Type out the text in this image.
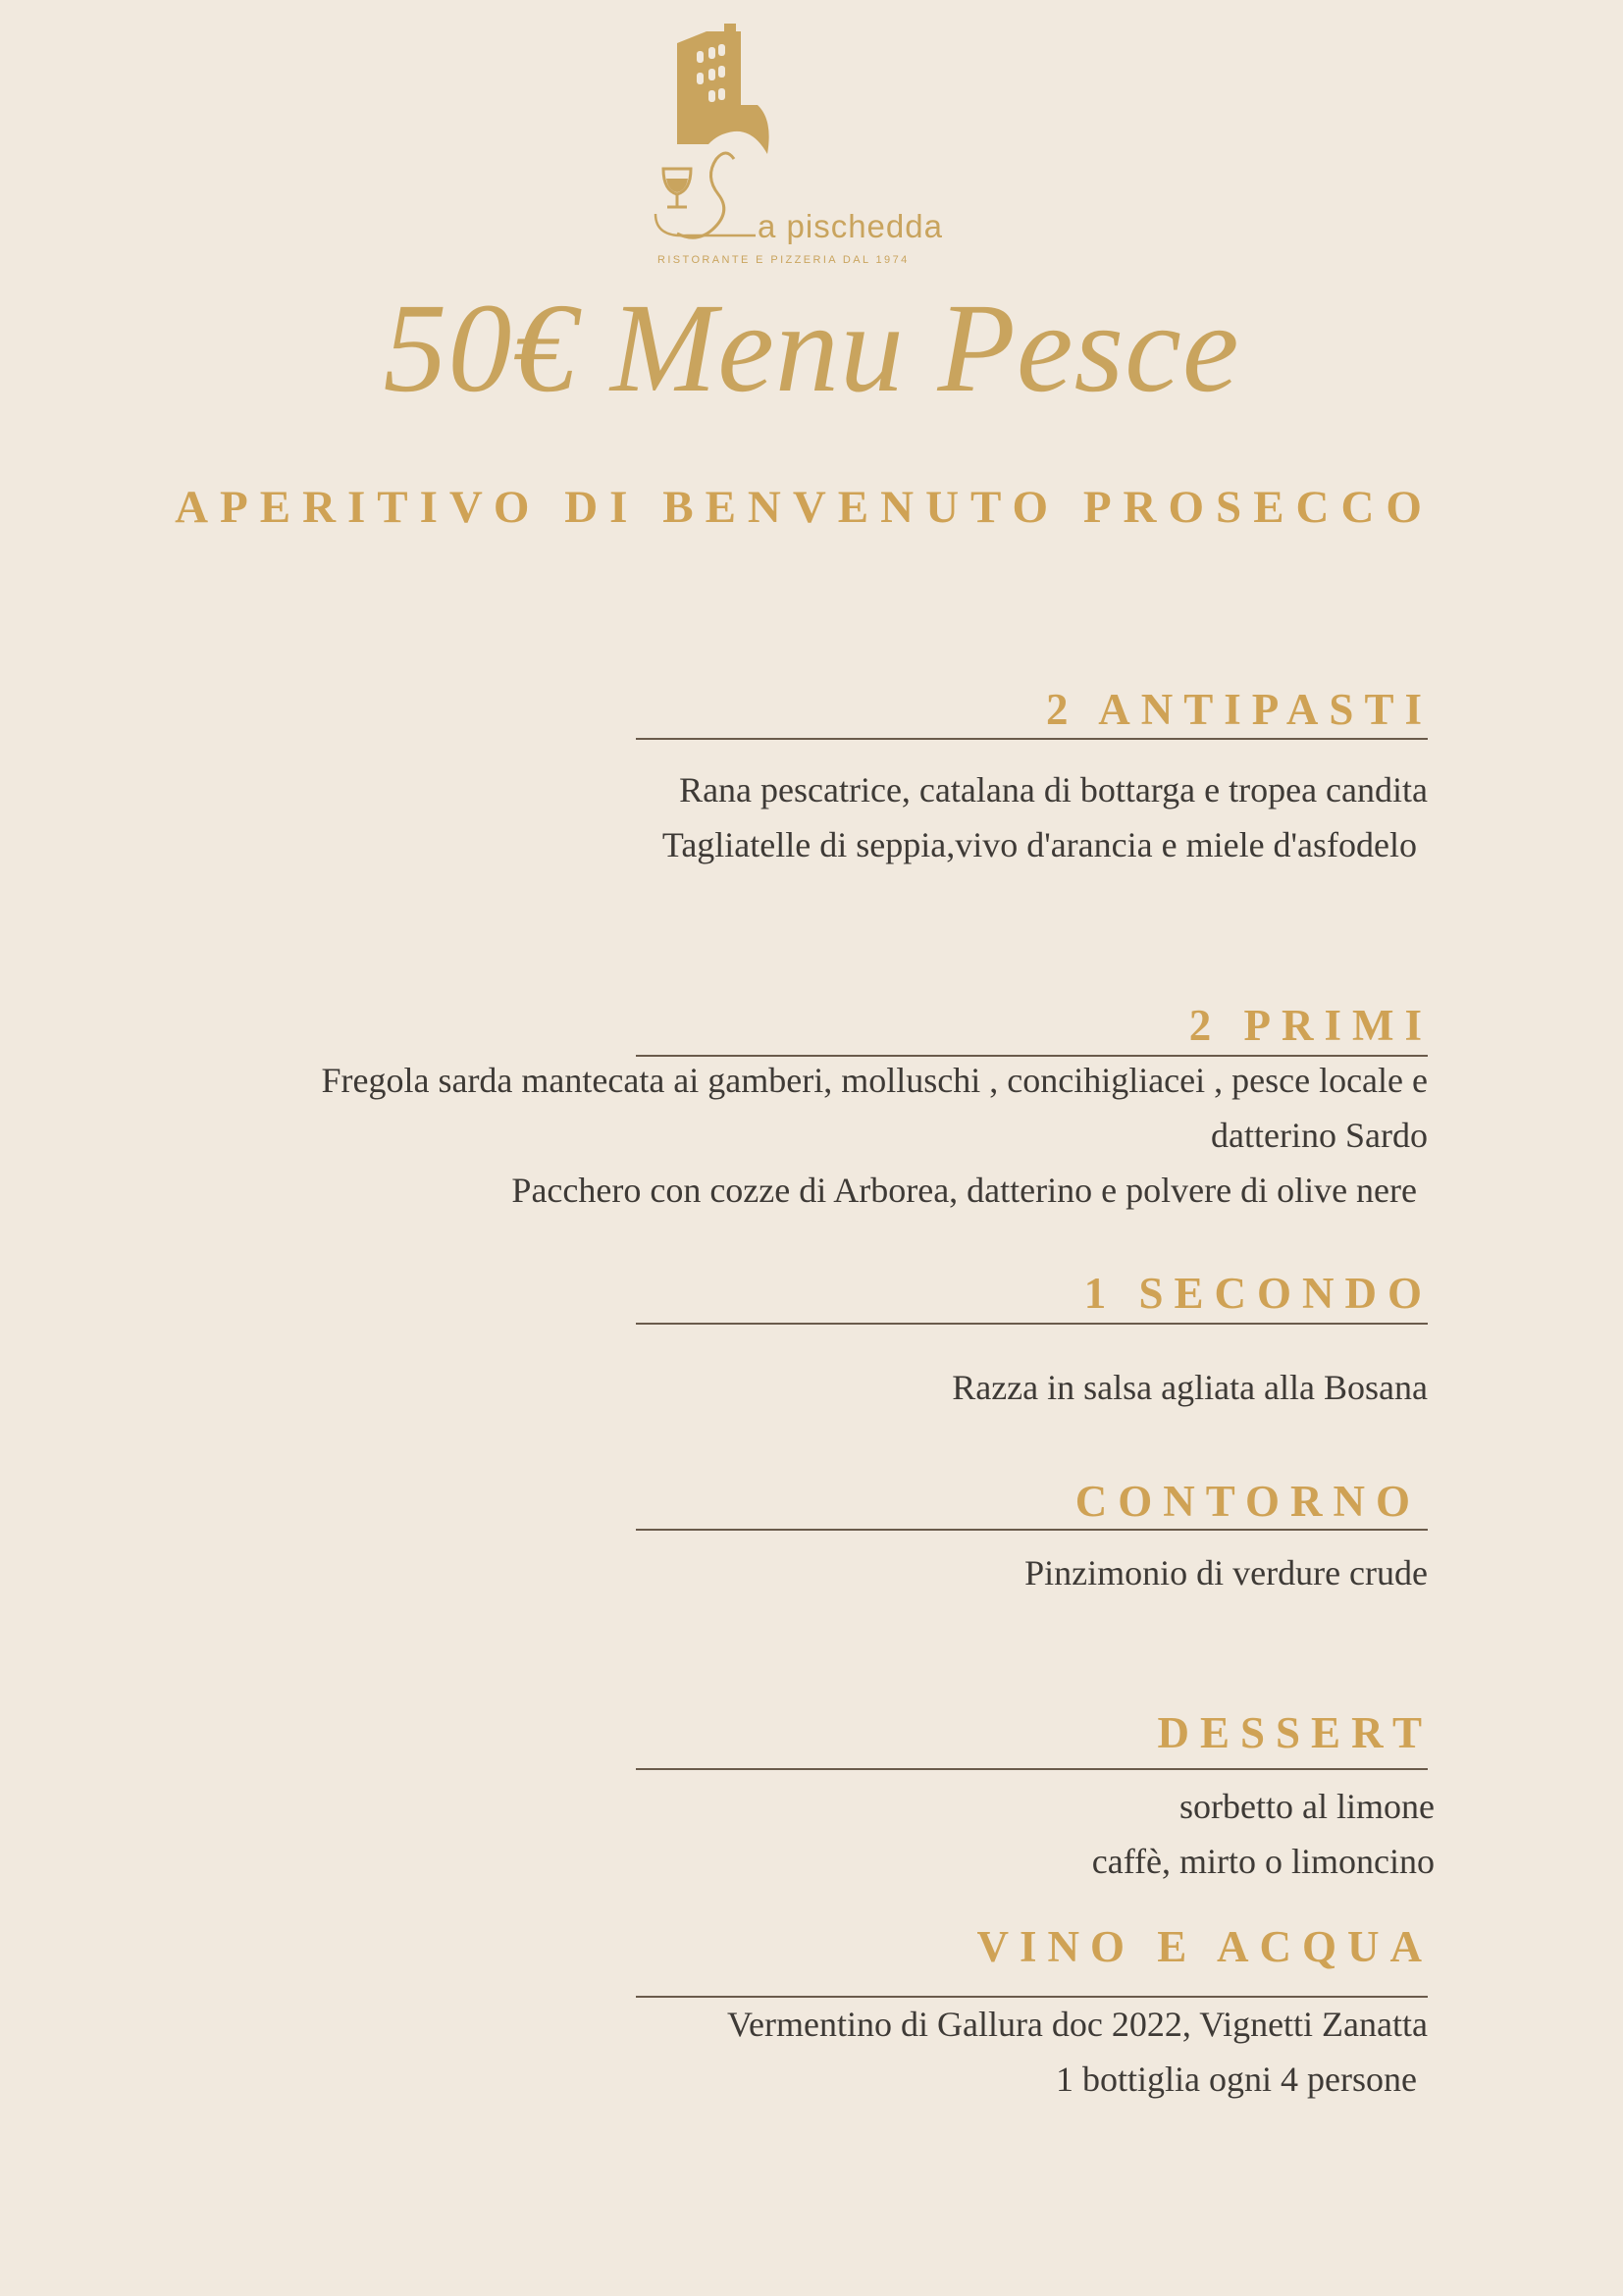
a pischedda
RISTORANTE E PIZZERIA DAL 1974
50€ Menu Pesce
APERITIVO DI BENVENUTO PROSECCO
2 ANTIPASTI
Rana pescatrice, catalana di bottarga e tropea candita
Tagliatelle di seppia,vivo d'arancia e miele d'asfodelo
2 PRIMI
Fregola sarda mantecata ai gamberi, molluschi , concihigliacei , pesce locale e
datterino Sardo
Pacchero con cozze di Arborea, datterino e polvere di olive nere
1 SECONDO
Razza in salsa agliata alla Bosana
CONTORNO
Pinzimonio di verdure crude
DESSERT
sorbetto al limone
caffè, mirto o limoncino
VINO E ACQUA
Vermentino di Gallura doc 2022, Vignetti Zanatta
1 bottiglia ogni 4 persone
